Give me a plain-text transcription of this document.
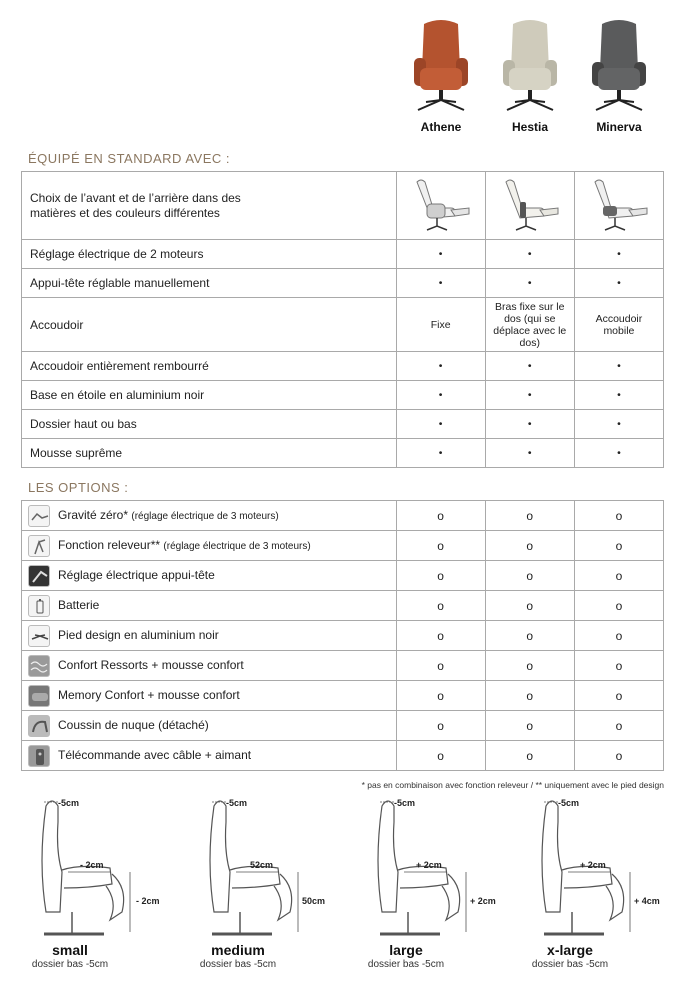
Athene	Hestia	Minerva
ÉQUIPÉ EN STANDARD AVEC :
Choix de l’avant et de l’arrière dans des matières et des couleurs différentes			
Réglage électrique de 2 moteurs	•	•	•
Appui-tête réglable manuellement	•	•	•
Accoudoir	Fixe	Bras fixe sur le dos (qui se déplace avec le dos)	Accoudoir mobile
Accoudoir entièrement rembourré	•	•	•
Base en étoile en aluminium noir	•	•	•
Dossier haut ou bas	•	•	•
Mousse suprême	•	•	•
LES OPTIONS :
Gravité zéro* (réglage électrique de 3 moteurs)	o	o	o
Fonction releveur** (réglage électrique de 3 moteurs)	o	o	o
Réglage électrique appui-tête	o	o	o
Batterie	o	o	o
Pied design en aluminium noir	o	o	o
Confort Ressorts + mousse confort	o	o	o
Memory Confort + mousse confort	o	o	o
Coussin de nuque (détaché)	o	o	o
Télécommande avec câble + aimant	o	o	o
* pas en combinaison avec fonction releveur / ** uniquement avec le pied design
-5cm
- 2cm
- 2cm
small
dossier bas -5cm
-5cm
52cm
50cm
medium
dossier bas -5cm
-5cm
+ 2cm
+ 2cm
large
dossier bas -5cm
-5cm
+ 2cm
+ 4cm
x-large
dossier bas -5cm
